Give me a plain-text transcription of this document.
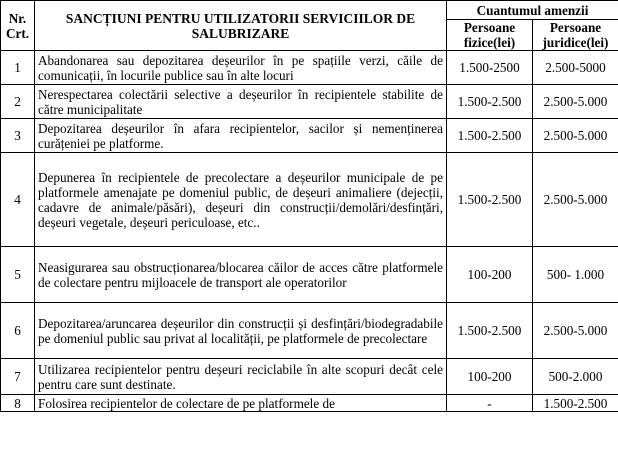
Nr. Crt.	SANCȚIUNI PENTRU UTILIZATORII SERVICIILOR DE SALUBRIZARE	Cuantumul amenzii	
		Persoane fizice(lei)	Persoane juridice(lei)
1	Abandonarea sau depozitarea deșeurilor în pe spațiile verzi, căile de comunicații, în locurile publice sau în alte locuri	1.500-2500	2.500-5000
2	Nerespectarea colectării selective a deșeurilor în recipientele stabilite de către municipalitate	1.500-2.500	2.500-5.000
3	Depozitarea deșeurilor în afara recipientelor, sacilor și nemenținerea curățeniei pe platforme.	1.500-2.500	2.500-5.000
4	Depunerea în recipientele de precolectare a deșeurilor municipale de pe platformele amenajate pe domeniul public, de deșeuri animaliere (dejecții, cadavre de animale/păsări), deșeuri din construcții/demolări/desfințări, deșeuri vegetale, deșeuri periculoase, etc..	1.500-2.500	2.500-5.000
5	Neasigurarea sau obstrucționarea/blocarea căilor de acces către platformele de colectare pentru mijloacele de transport ale operatorilor	100-200	500- 1.000
6	Depozitarea/aruncarea deșeurilor din construcții și desfințări/biodegradabile pe domeniul public sau privat al localității, pe platformele de precolectare	1.500-2.500	2.500-5.000
7	Utilizarea recipientelor pentru deșeuri reciclabile în alte scopuri decât cele pentru care sunt destinate.	100-200	500-2.000
8	Folosirea recipientelor de colectare de pe platformele de	-	1.500-2.500
